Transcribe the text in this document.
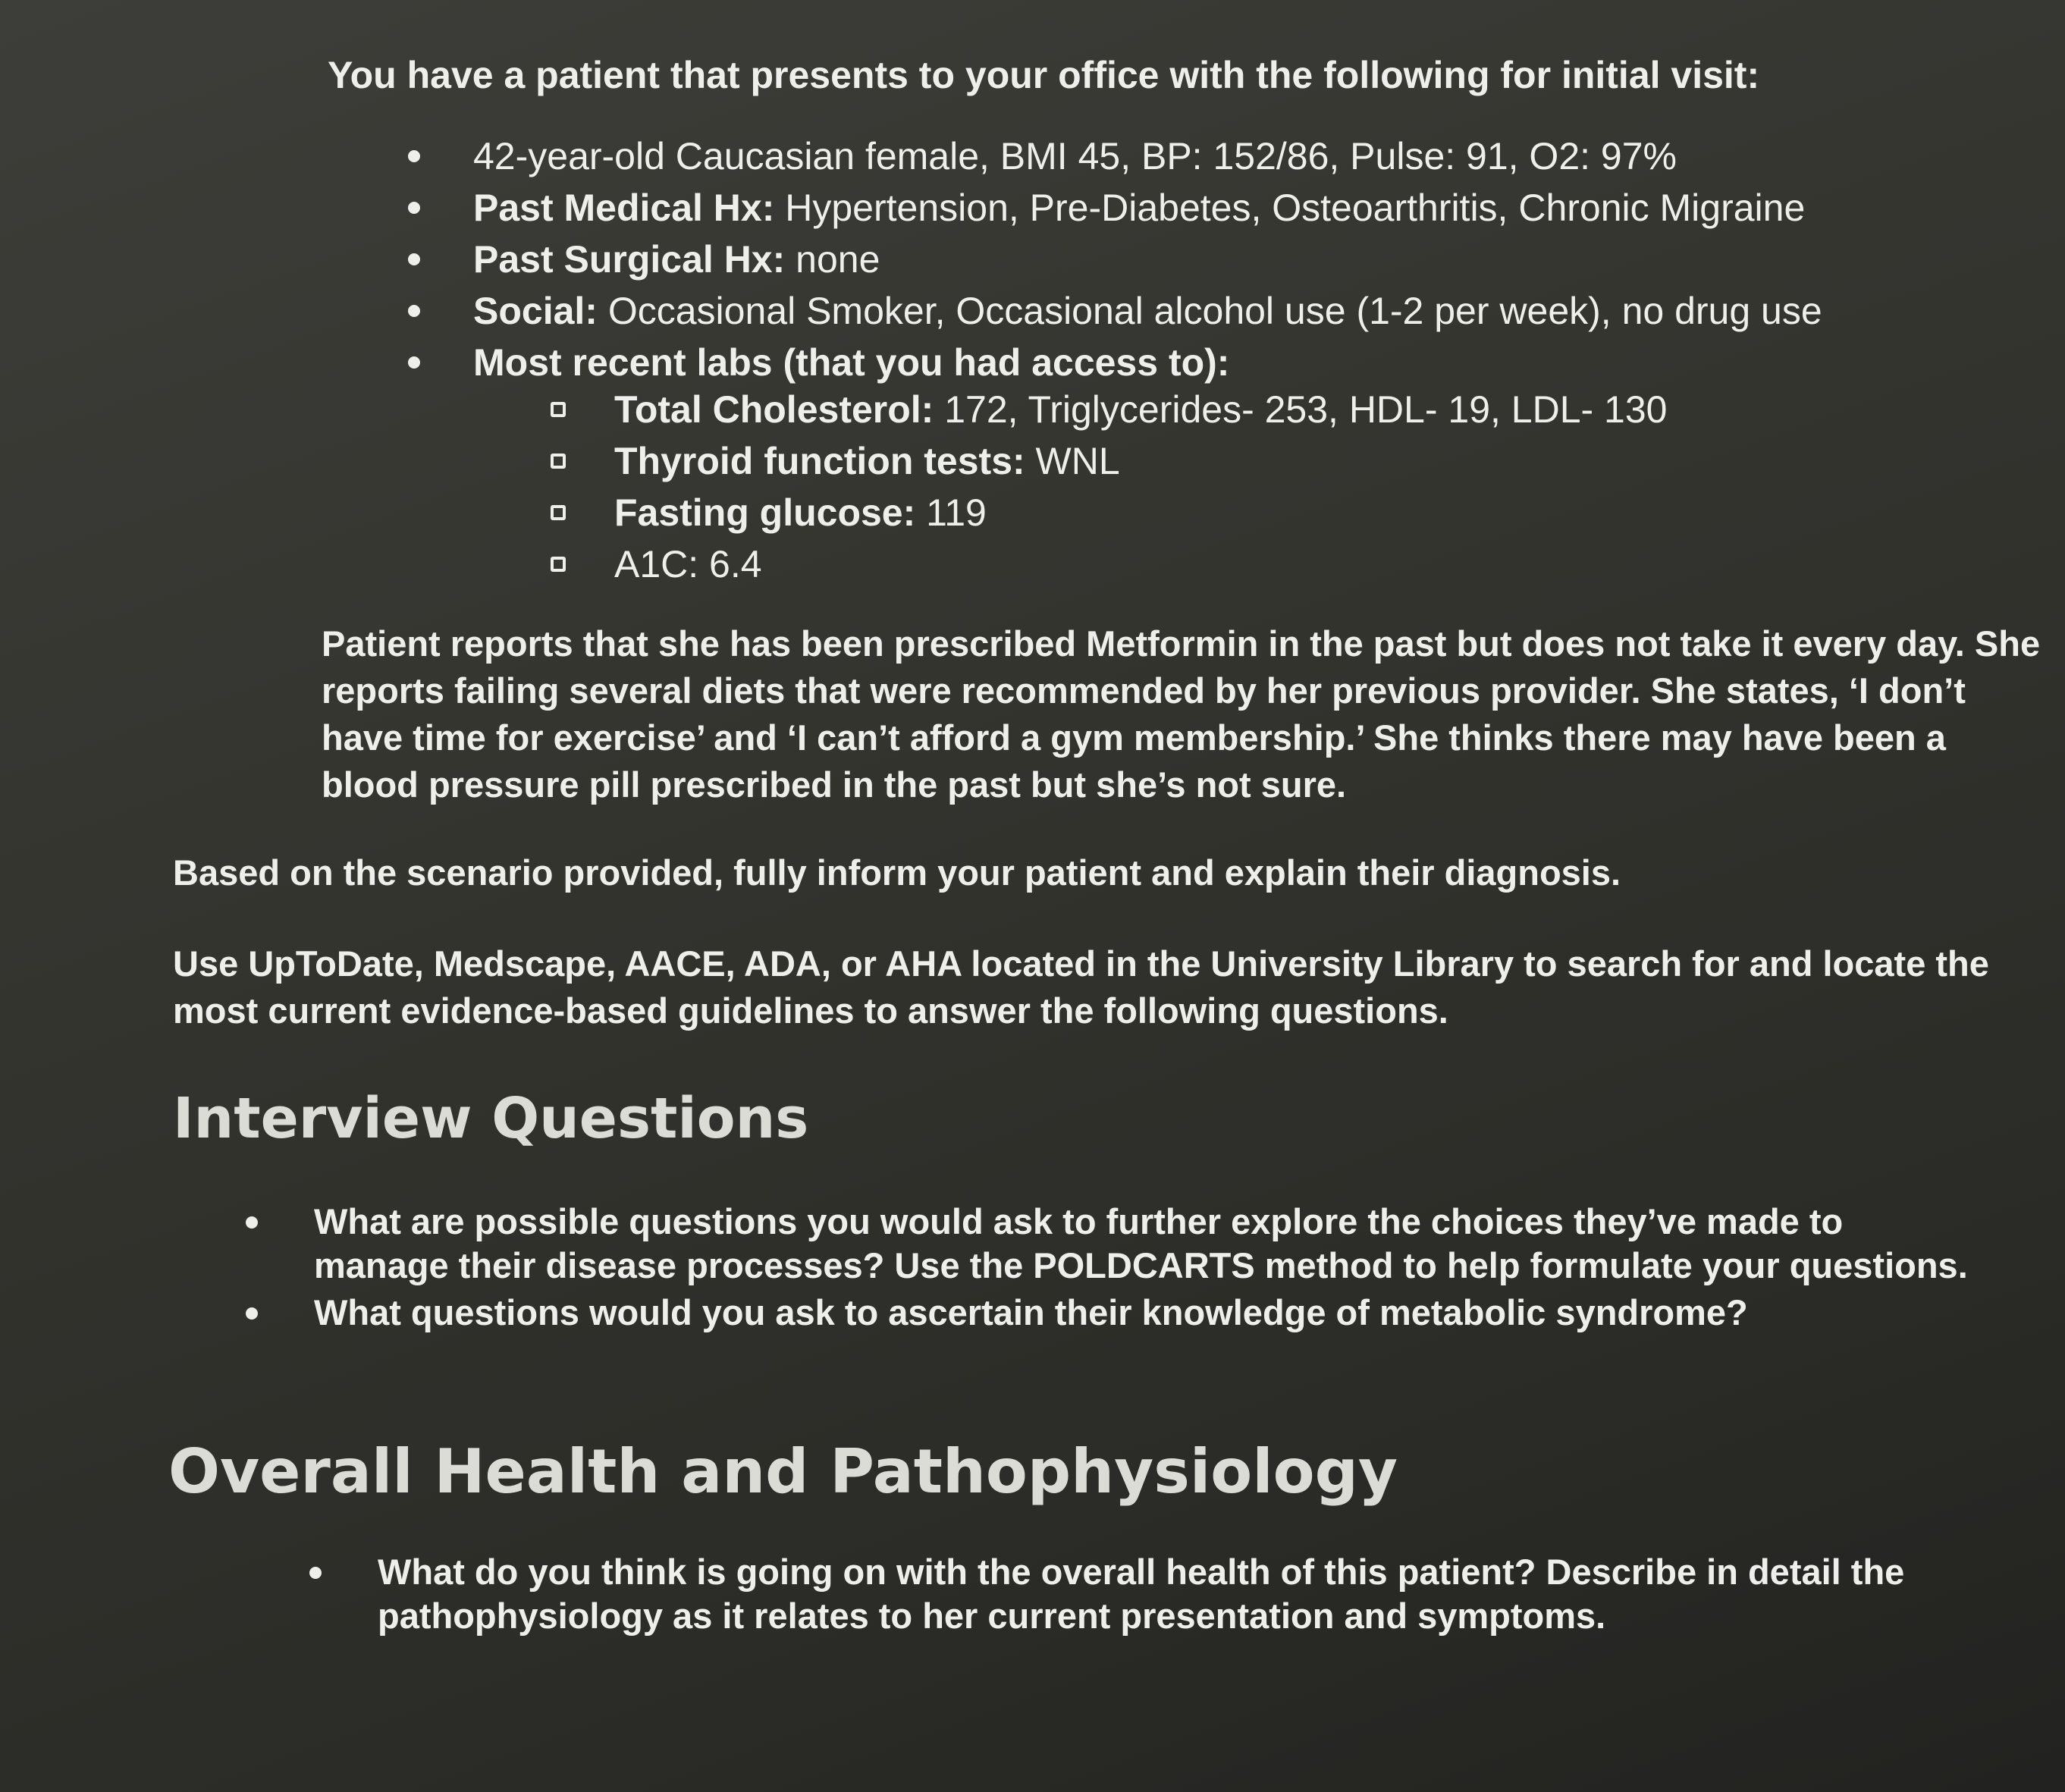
You have a patient that presents to your office with the following for initial visit:

42-year-old Caucasian female, BMI 45, BP: 152/86, Pulse: 91, O2: 97%
Past Medical Hx: Hypertension, Pre-Diabetes, Osteoarthritis, Chronic Migraine
Past Surgical Hx: none
Social: Occasional Smoker, Occasional alcohol use (1-2 per week), no drug use
Most recent labs (that you had access to):
Total Cholesterol: 172, Triglycerides- 253, HDL- 19, LDL- 130
Thyroid function tests: WNL
Fasting glucose: 119
A1C: 6.4

Patient reports that she has been prescribed Metformin in the past but does not take it every day. She reports failing several diets that were recommended by her previous provider. She states, ‘I don’t have time for exercise’ and ‘I can’t afford a gym membership.’ She thinks there may have been a blood pressure pill prescribed in the past but she’s not sure.

Based on the scenario provided, fully inform your patient and explain their diagnosis.

Use UpToDate, Medscape, AACE, ADA, or AHA located in the University Library to search for and locate the most current evidence-based guidelines to answer the following questions.

Interview Questions
What are possible questions you would ask to further explore the choices they’ve made to manage their disease processes? Use the POLDCARTS method to help formulate your questions.
What questions would you ask to ascertain their knowledge of metabolic syndrome?
Overall Health and Pathophysiology
What do you think is going on with the overall health of this patient? Describe in detail the pathophysiology as it relates to her current presentation and symptoms.
